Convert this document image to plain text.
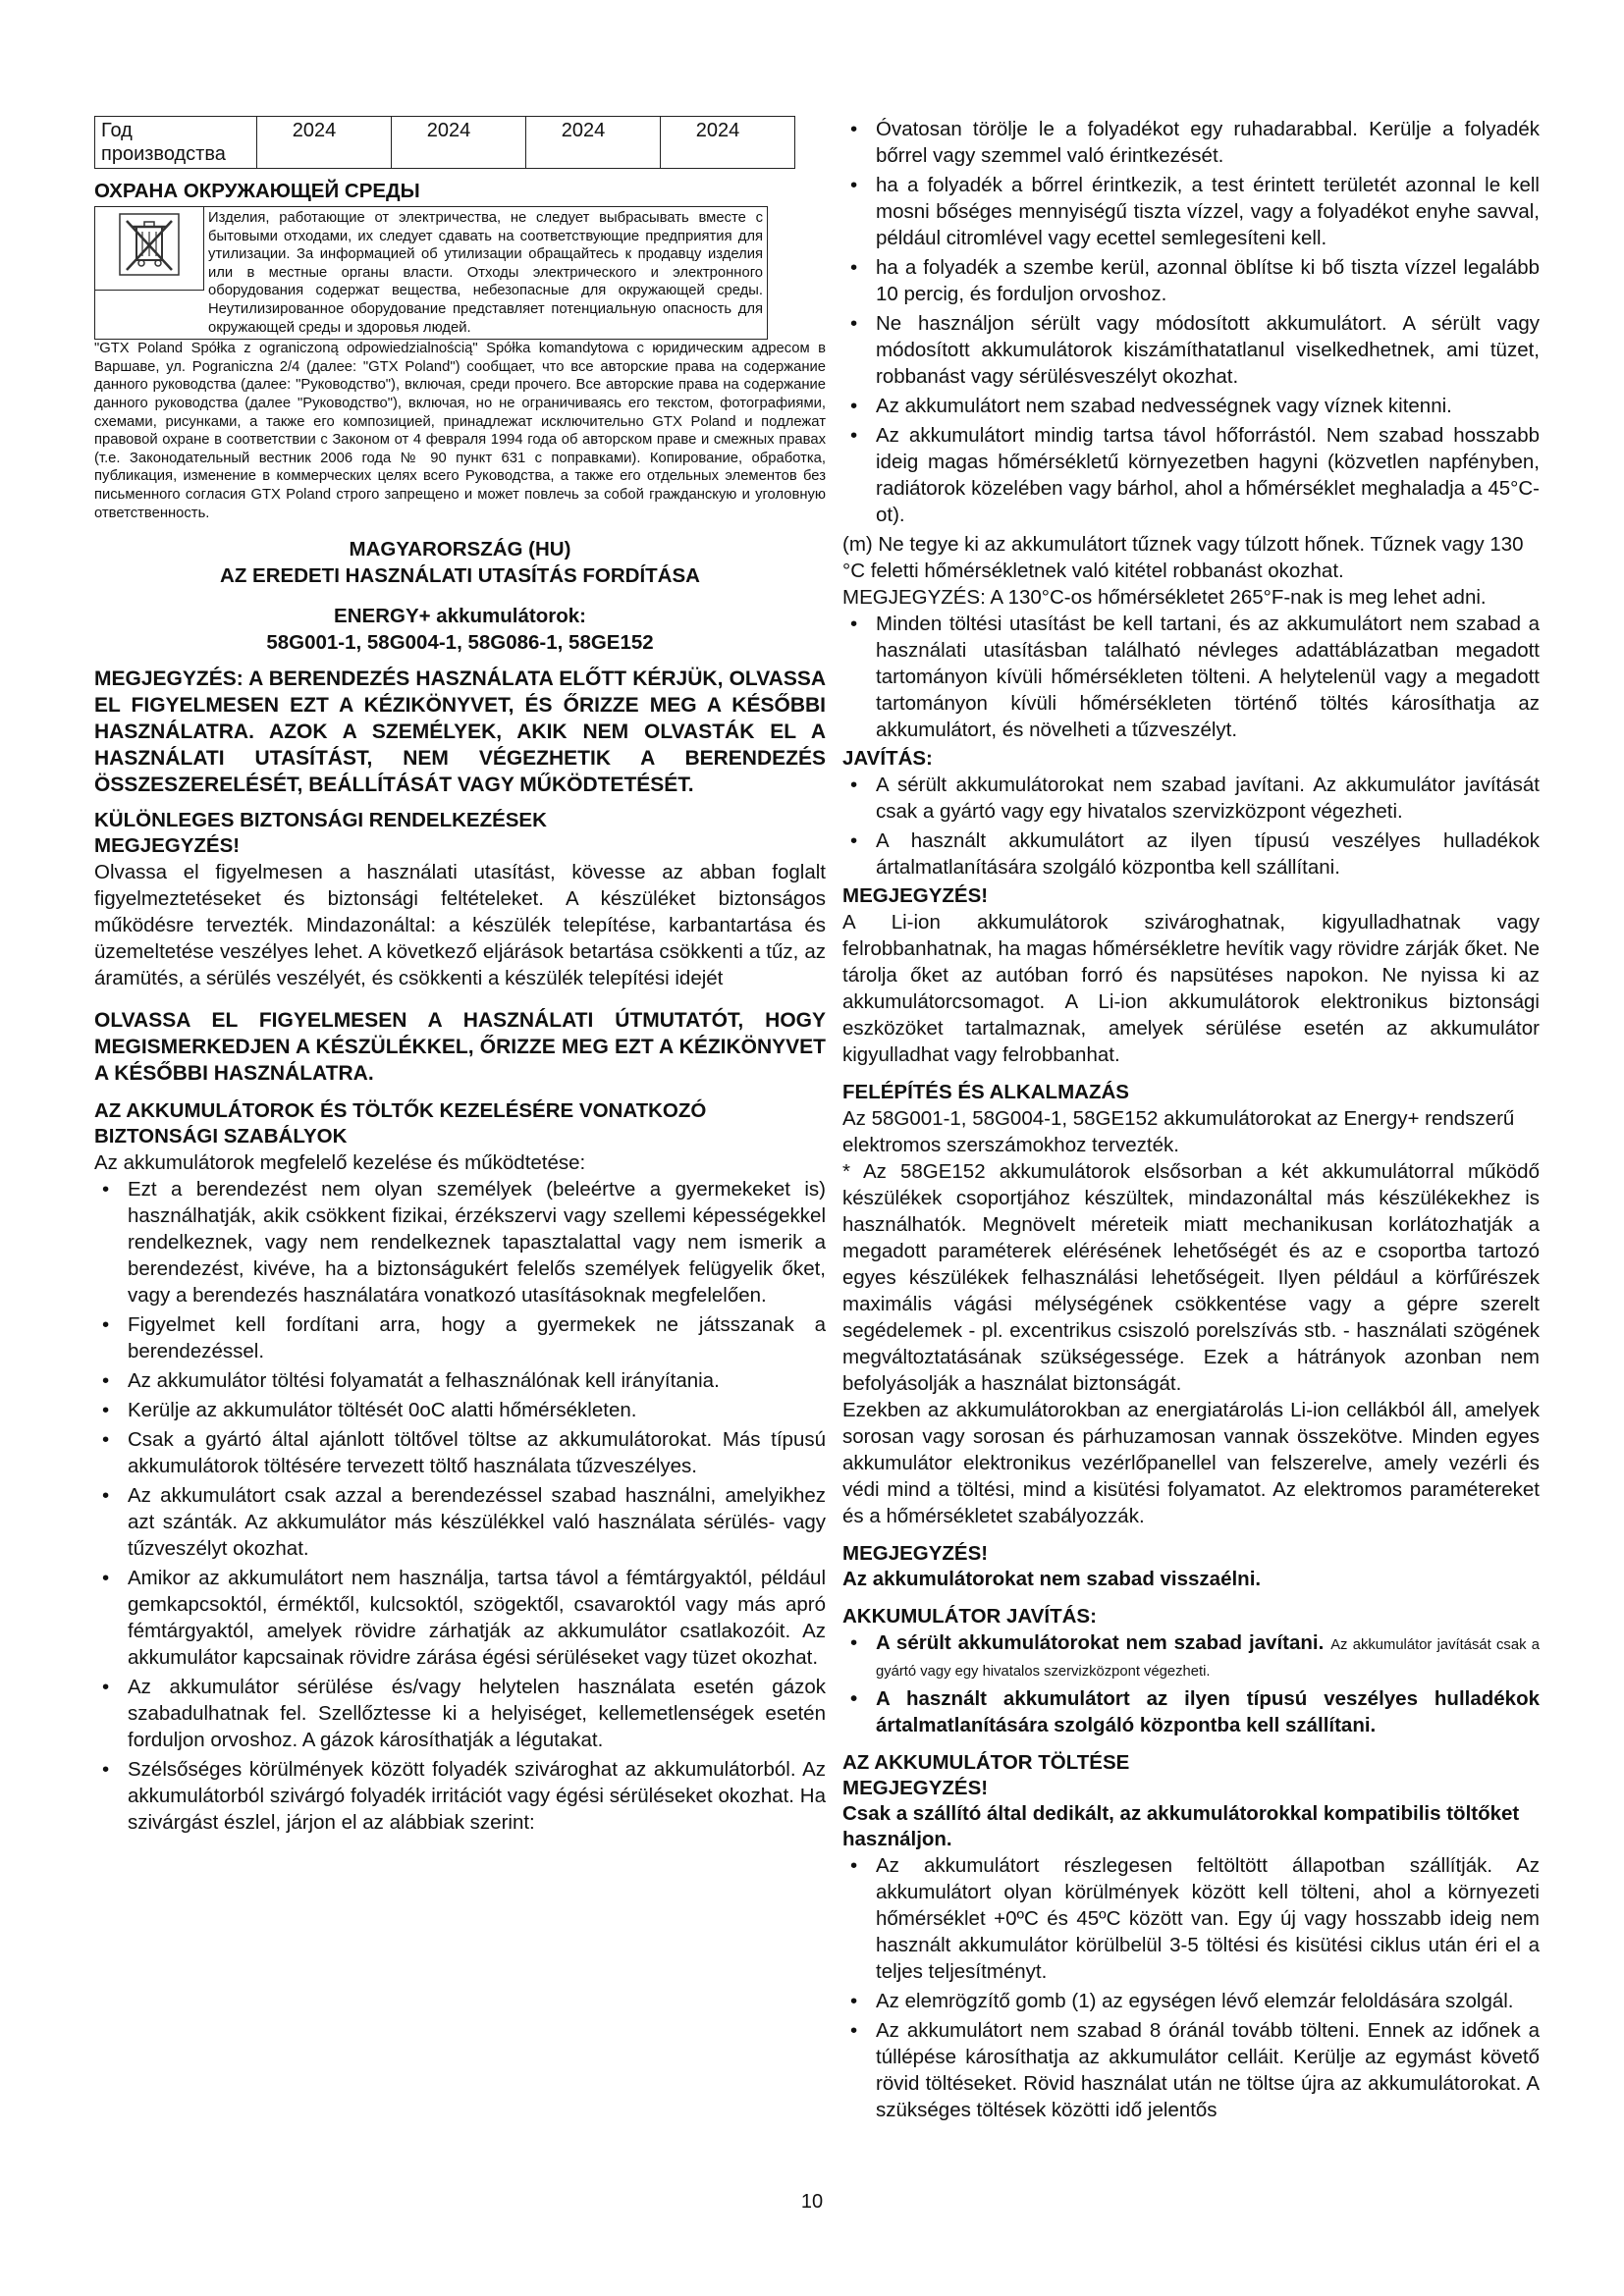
Год производства	2024	2024	2024	2024

ОХРАНА ОКРУЖАЮЩЕЙ СРЕДЫ

Изделия, работающие от электричества, не следует выбрасывать вместе с бытовыми отходами, их следует сдавать на соответствующие предприятия для утилизации. За информацией об утилизации обращайтесь к продавцу изделия или в местные органы власти. Отходы электрического и электронного оборудования содержат вещества, небезопасные для окружающей среды. Неутилизированное оборудование представляет потенциальную опасность для окружающей среды и здоровья людей.

"GTX Poland Spółka z ograniczoną odpowiedzialnością" Spółka komandytowa с юридическим адресом в Варшаве, ул. Pograniczna 2/4 (далее: "GTX Poland") сообщает, что все авторские права на содержание данного руководства (далее: "Руководство"), включая, среди прочего. Все авторские права на содержание данного руководства (далее "Руководство"), включая, но не ограничиваясь его текстом, фотографиями, схемами, рисунками, а также его композицией, принадлежат исключительно GTX Poland и подлежат правовой охране в соответствии с Законом от 4 февраля 1994 года об авторском праве и смежных правах (т.е. Законодательный вестник 2006 года № 90 пункт 631 с поправками). Копирование, обработка, публикация, изменение в коммерческих целях всего Руководства, а также его отдельных элементов без письменного согласия GTX Poland строго запрещено и может повлечь за собой гражданскую и уголовную ответственность.

MAGYARORSZÁG (HU)

AZ EREDETI HASZNÁLATI UTASÍTÁS FORDÍTÁSA

ENERGY+ akkumulátorok:

58G001-1, 58G004-1, 58G086-1, 58GE152

MEGJEGYZÉS: A BERENDEZÉS HASZNÁLATA ELŐTT KÉRJÜK, OLVASSA EL FIGYELMESEN EZT A KÉZIKÖNYVET, ÉS ŐRIZZE MEG A KÉSŐBBI HASZNÁLATRA. AZOK A SZEMÉLYEK, AKIK NEM OLVASTÁK EL A HASZNÁLATI UTASÍTÁST, NEM VÉGEZHETIK A BERENDEZÉS ÖSSZESZERELÉSÉT, BEÁLLÍTÁSÁT VAGY MŰKÖDTETÉSÉT.

KÜLÖNLEGES BIZTONSÁGI RENDELKEZÉSEK

MEGJEGYZÉS!

Olvassa el figyelmesen a használati utasítást, kövesse az abban foglalt figyelmeztetéseket és biztonsági feltételeket. A készüléket biztonságos működésre tervezték. Mindazonáltal: a készülék telepítése, karbantartása és üzemeltetése veszélyes lehet. A következő eljárások betartása csökkenti a tűz, az áramütés, a sérülés veszélyét, és csökkenti a készülék telepítési idejét

OLVASSA EL FIGYELMESEN A HASZNÁLATI ÚTMUTATÓT, HOGY MEGISMERKEDJEN A KÉSZÜLÉKKEL, ŐRIZZE MEG EZT A KÉZIKÖNYVET A KÉSŐBBI HASZNÁLATRA.

AZ AKKUMULÁTOROK ÉS TÖLTŐK KEZELÉSÉRE VONATKOZÓ BIZTONSÁGI SZABÁLYOK

Az akkumulátorok megfelelő kezelése és működtetése:

• Ezt a berendezést nem olyan személyek (beleértve a gyermekeket is) használhatják, akik csökkent fizikai, érzékszervi vagy szellemi képességekkel rendelkeznek, vagy nem rendelkeznek tapasztalattal vagy nem ismerik a berendezést, kivéve, ha a biztonságukért felelős személyek felügyelik őket, vagy a berendezés használatára vonatkozó utasításoknak megfelelően.
• Figyelmet kell fordítani arra, hogy a gyermekek ne játsszanak a berendezéssel.
• Az akkumulátor töltési folyamatát a felhasználónak kell irányítania.
• Kerülje az akkumulátor töltését 0oC alatti hőmérsékleten.
• Csak a gyártó által ajánlott töltővel töltse az akkumulátorokat. Más típusú akkumulátorok töltésére tervezett töltő használata tűzveszélyes.
• Az akkumulátort csak azzal a berendezéssel szabad használni, amelyikhez azt szánták. Az akkumulátor más készülékkel való használata sérülés- vagy tűzveszélyt okozhat.
• Amikor az akkumulátort nem használja, tartsa távol a fémtárgyaktól, például gemkapcsoktól, érméktől, kulcsoktól, szögektől, csavaroktól vagy más apró fémtárgyaktól, amelyek rövidre zárhatják az akkumulátor csatlakozóit. Az akkumulátor kapcsainak rövidre zárása égési sérüléseket vagy tüzet okozhat.
• Az akkumulátor sérülése és/vagy helytelen használata esetén gázok szabadulhatnak fel. Szellőztesse ki a helyiséget, kellemetlenségek esetén forduljon orvoshoz. A gázok károsíthatják a légutakat.
• Szélsőséges körülmények között folyadék szivároghat az akkumulátorból. Az akkumulátorból szivárgó folyadék irritációt vagy égési sérüléseket okozhat. Ha szivárgást észlel, járjon el az alábbiak szerint:
• Óvatosan törölje le a folyadékot egy ruhadarabbal. Kerülje a folyadék bőrrel vagy szemmel való érintkezését.
• ha a folyadék a bőrrel érintkezik, a test érintett területét azonnal le kell mosni bőséges mennyiségű tiszta vízzel, vagy a folyadékot enyhe savval, például citromlével vagy ecettel semlegesíteni kell.
• ha a folyadék a szembe kerül, azonnal öblítse ki bő tiszta vízzel legalább 10 percig, és forduljon orvoshoz.
• Ne használjon sérült vagy módosított akkumulátort. A sérült vagy módosított akkumulátorok kiszámíthatatlanul viselkedhetnek, ami tüzet, robbanást vagy sérülésveszélyt okozhat.
• Az akkumulátort nem szabad nedvességnek vagy víznek kitenni.
• Az akkumulátort mindig tartsa távol hőforrástól. Nem szabad hosszabb ideig magas hőmérsékletű környezetben hagyni (közvetlen napfényben, radiátorok közelében vagy bárhol, ahol a hőmérséklet meghaladja a 45°C-ot).

(m) Ne tegye ki az akkumulátort tűznek vagy túlzott hőnek. Tűznek vagy 130 °C feletti hőmérsékletnek való kitétel robbanást okozhat.

MEGJEGYZÉS: A 130°C-os hőmérsékletet 265°F-nak is meg lehet adni.

• Minden töltési utasítást be kell tartani, és az akkumulátort nem szabad a használati utasításban található névleges adattáblázatban megadott tartományon kívüli hőmérsékleten tölteni. A helytelenül vagy a megadott tartományon kívüli hőmérsékleten történő töltés károsíthatja az akkumulátort, és növelheti a tűzveszélyt.

JAVÍTÁS:

• A sérült akkumulátorokat nem szabad javítani. Az akkumulátor javítását csak a gyártó vagy egy hivatalos szervizközpont végezheti.
• A használt akkumulátort az ilyen típusú veszélyes hulladékok ártalmatlanítására szolgáló központba kell szállítani.

MEGJEGYZÉS!

A Li-ion akkumulátorok szivároghatnak, kigyulladhatnak vagy felrobbanhatnak, ha magas hőmérsékletre hevítik vagy rövidre zárják őket. Ne tárolja őket az autóban forró és napsütéses napokon. Ne nyissa ki az akkumulátorcsomagot. A Li-ion akkumulátorok elektronikus biztonsági eszközöket tartalmaznak, amelyek sérülése esetén az akkumulátor kigyulladhat vagy felrobbanhat.

FELÉPÍTÉS ÉS ALKALMAZÁS

Az 58G001-1, 58G004-1, 58GE152 akkumulátorokat az Energy+ rendszerű elektromos szerszámokhoz tervezték.

* Az 58GE152 akkumulátorok elsősorban a két akkumulátorral működő készülékek csoportjához készültek, mindazonáltal más készülékekhez is használhatók. Megnövelt méreteik miatt mechanikusan korlátozhatják a megadott paraméterek elérésének lehetőségét és az e csoportba tartozó egyes készülékek felhasználási lehetőségeit. Ilyen például a körfűrészek maximális vágási mélységének csökkentése vagy a gépre szerelt segédelemek - pl. excentrikus csiszoló porelszívás stb. - használati szögének megváltoztatásának szükségessége. Ezek a hátrányok azonban nem befolyásolják a használat biztonságát.

Ezekben az akkumulátorokban az energiatárolás Li-ion cellákból áll, amelyek sorosan vagy sorosan és párhuzamosan vannak összekötve. Minden egyes akkumulátor elektronikus vezérlőpanellel van felszerelve, amely vezérli és védi mind a töltési, mind a kisütési folyamatot. Az elektromos paramétereket és a hőmérsékletet szabályozzák.

MEGJEGYZÉS!

Az akkumulátorokat nem szabad visszaélni.

AKKUMULÁTOR JAVÍTÁS:

• A sérült akkumulátorokat nem szabad javítani. Az akkumulátor javítását csak a gyártó vagy egy hivatalos szervizközpont végezheti.
• A használt akkumulátort az ilyen típusú veszélyes hulladékok ártalmatlanítására szolgáló központba kell szállítani.

AZ AKKUMULÁTOR TÖLTÉSE

MEGJEGYZÉS!

Csak a szállító által dedikált, az akkumulátorokkal kompatibilis töltőket használjon.

• Az akkumulátort részlegesen feltöltött állapotban szállítják. Az akkumulátort olyan körülmények között kell tölteni, ahol a környezeti hőmérséklet +0ºC és 45ºC között van. Egy új vagy hosszabb ideig nem használt akkumulátor körülbelül 3-5 töltési és kisütési ciklus után éri el a teljes teljesítményt.
• Az elemrögzítő gomb (1) az egységen lévő elemzár feloldására szolgál.
• Az akkumulátort nem szabad 8 óránál tovább tölteni. Ennek az időnek a túllépése károsíthatja az akkumulátor celláit. Kerülje az egymást követő rövid töltéseket. Rövid használat után ne töltse újra az akkumulátorokat. A szükséges töltések közötti idő jelentős
10
